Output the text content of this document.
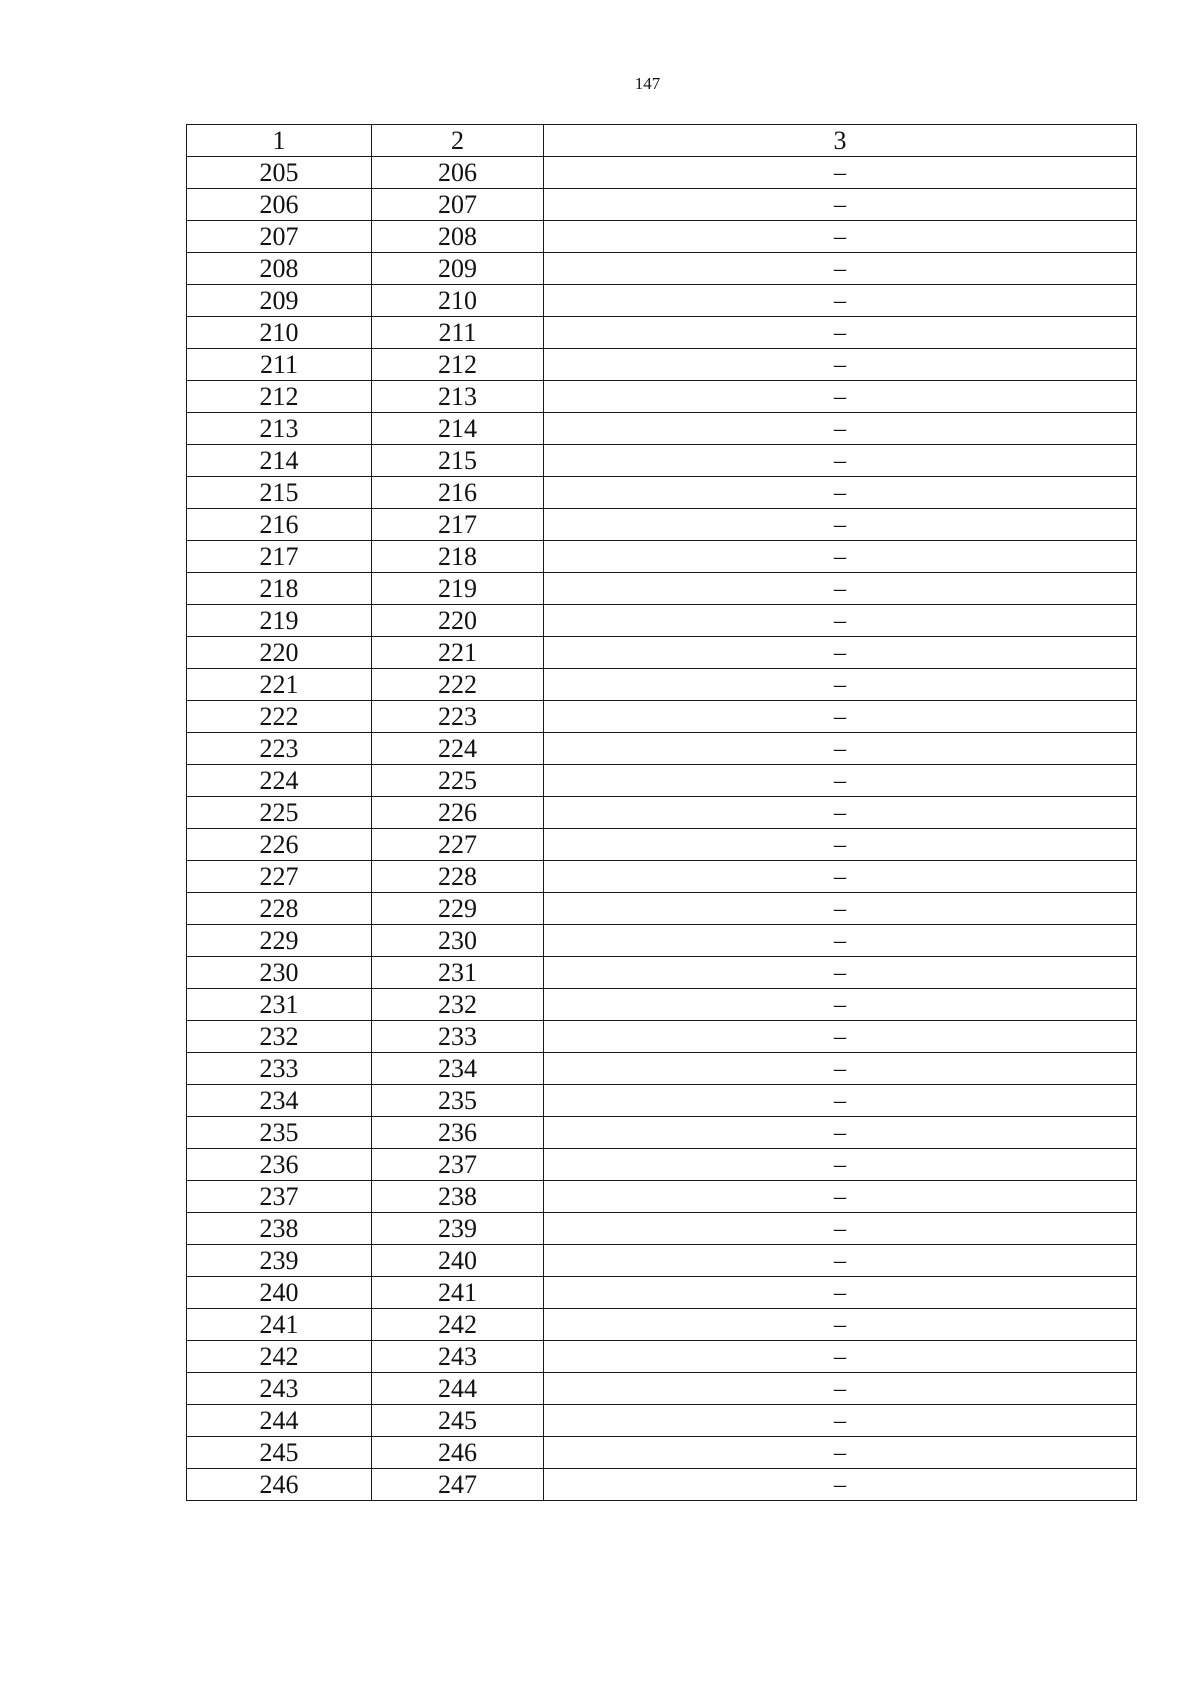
147
1	2	3
205	206	–
206	207	–
207	208	–
208	209	–
209	210	–
210	211	–
211	212	–
212	213	–
213	214	–
214	215	–
215	216	–
216	217	–
217	218	–
218	219	–
219	220	–
220	221	–
221	222	–
222	223	–
223	224	–
224	225	–
225	226	–
226	227	–
227	228	–
228	229	–
229	230	–
230	231	–
231	232	–
232	233	–
233	234	–
234	235	–
235	236	–
236	237	–
237	238	–
238	239	–
239	240	–
240	241	–
241	242	–
242	243	–
243	244	–
244	245	–
245	246	–
246	247	–
